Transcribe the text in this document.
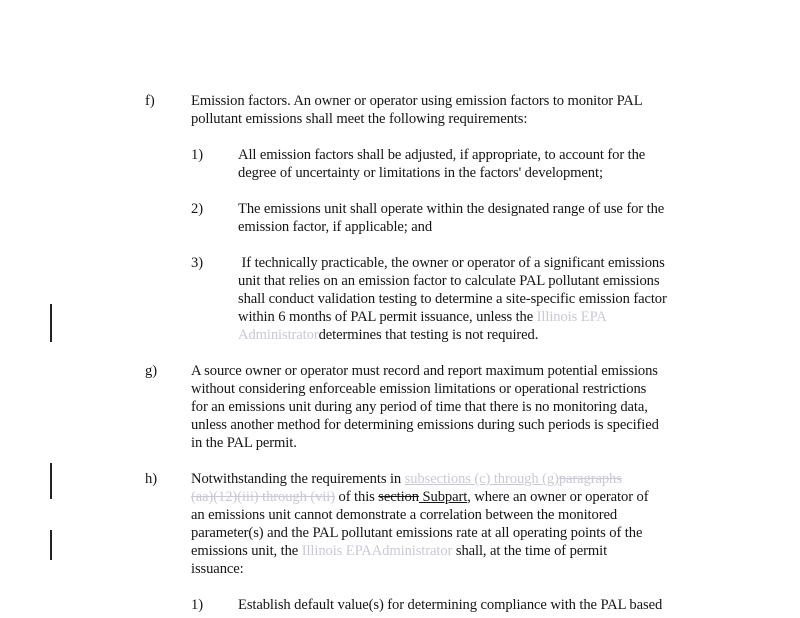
f) Emission factors. An owner or operator using emission factors to monitor PAL
pollutant emissions shall meet the following requirements:
1) All emission factors shall be adjusted, if appropriate, to account for the
degree of uncertainty or limitations in the factors' development;
2) The emissions unit shall operate within the designated range of use for the
emission factor, if applicable; and
3) If technically practicable, the owner or operator of a significant emissions
unit that relies on an emission factor to calculate PAL pollutant emissions
shall conduct validation testing to determine a site-specific emission factor
within 6 months of PAL permit issuance, unless the Illinois EPA
Administratordetermines that testing is not required.
g) A source owner or operator must record and report maximum potential emissions
without considering enforceable emission limitations or operational restrictions
for an emissions unit during any period of time that there is no monitoring data,
unless another method for determining emissions during such periods is specified
in the PAL permit.
h) Notwithstanding the requirements in subsections (c) through (g)paragraphs
(aa)(12)(iii) through (vii) of this section Subpart, where an owner or operator of
an emissions unit cannot demonstrate a correlation between the monitored
parameter(s) and the PAL pollutant emissions rate at all operating points of the
emissions unit, the Illinois EPAAdministrator shall, at the time of permit
issuance:
1) Establish default value(s) for determining compliance with the PAL based
